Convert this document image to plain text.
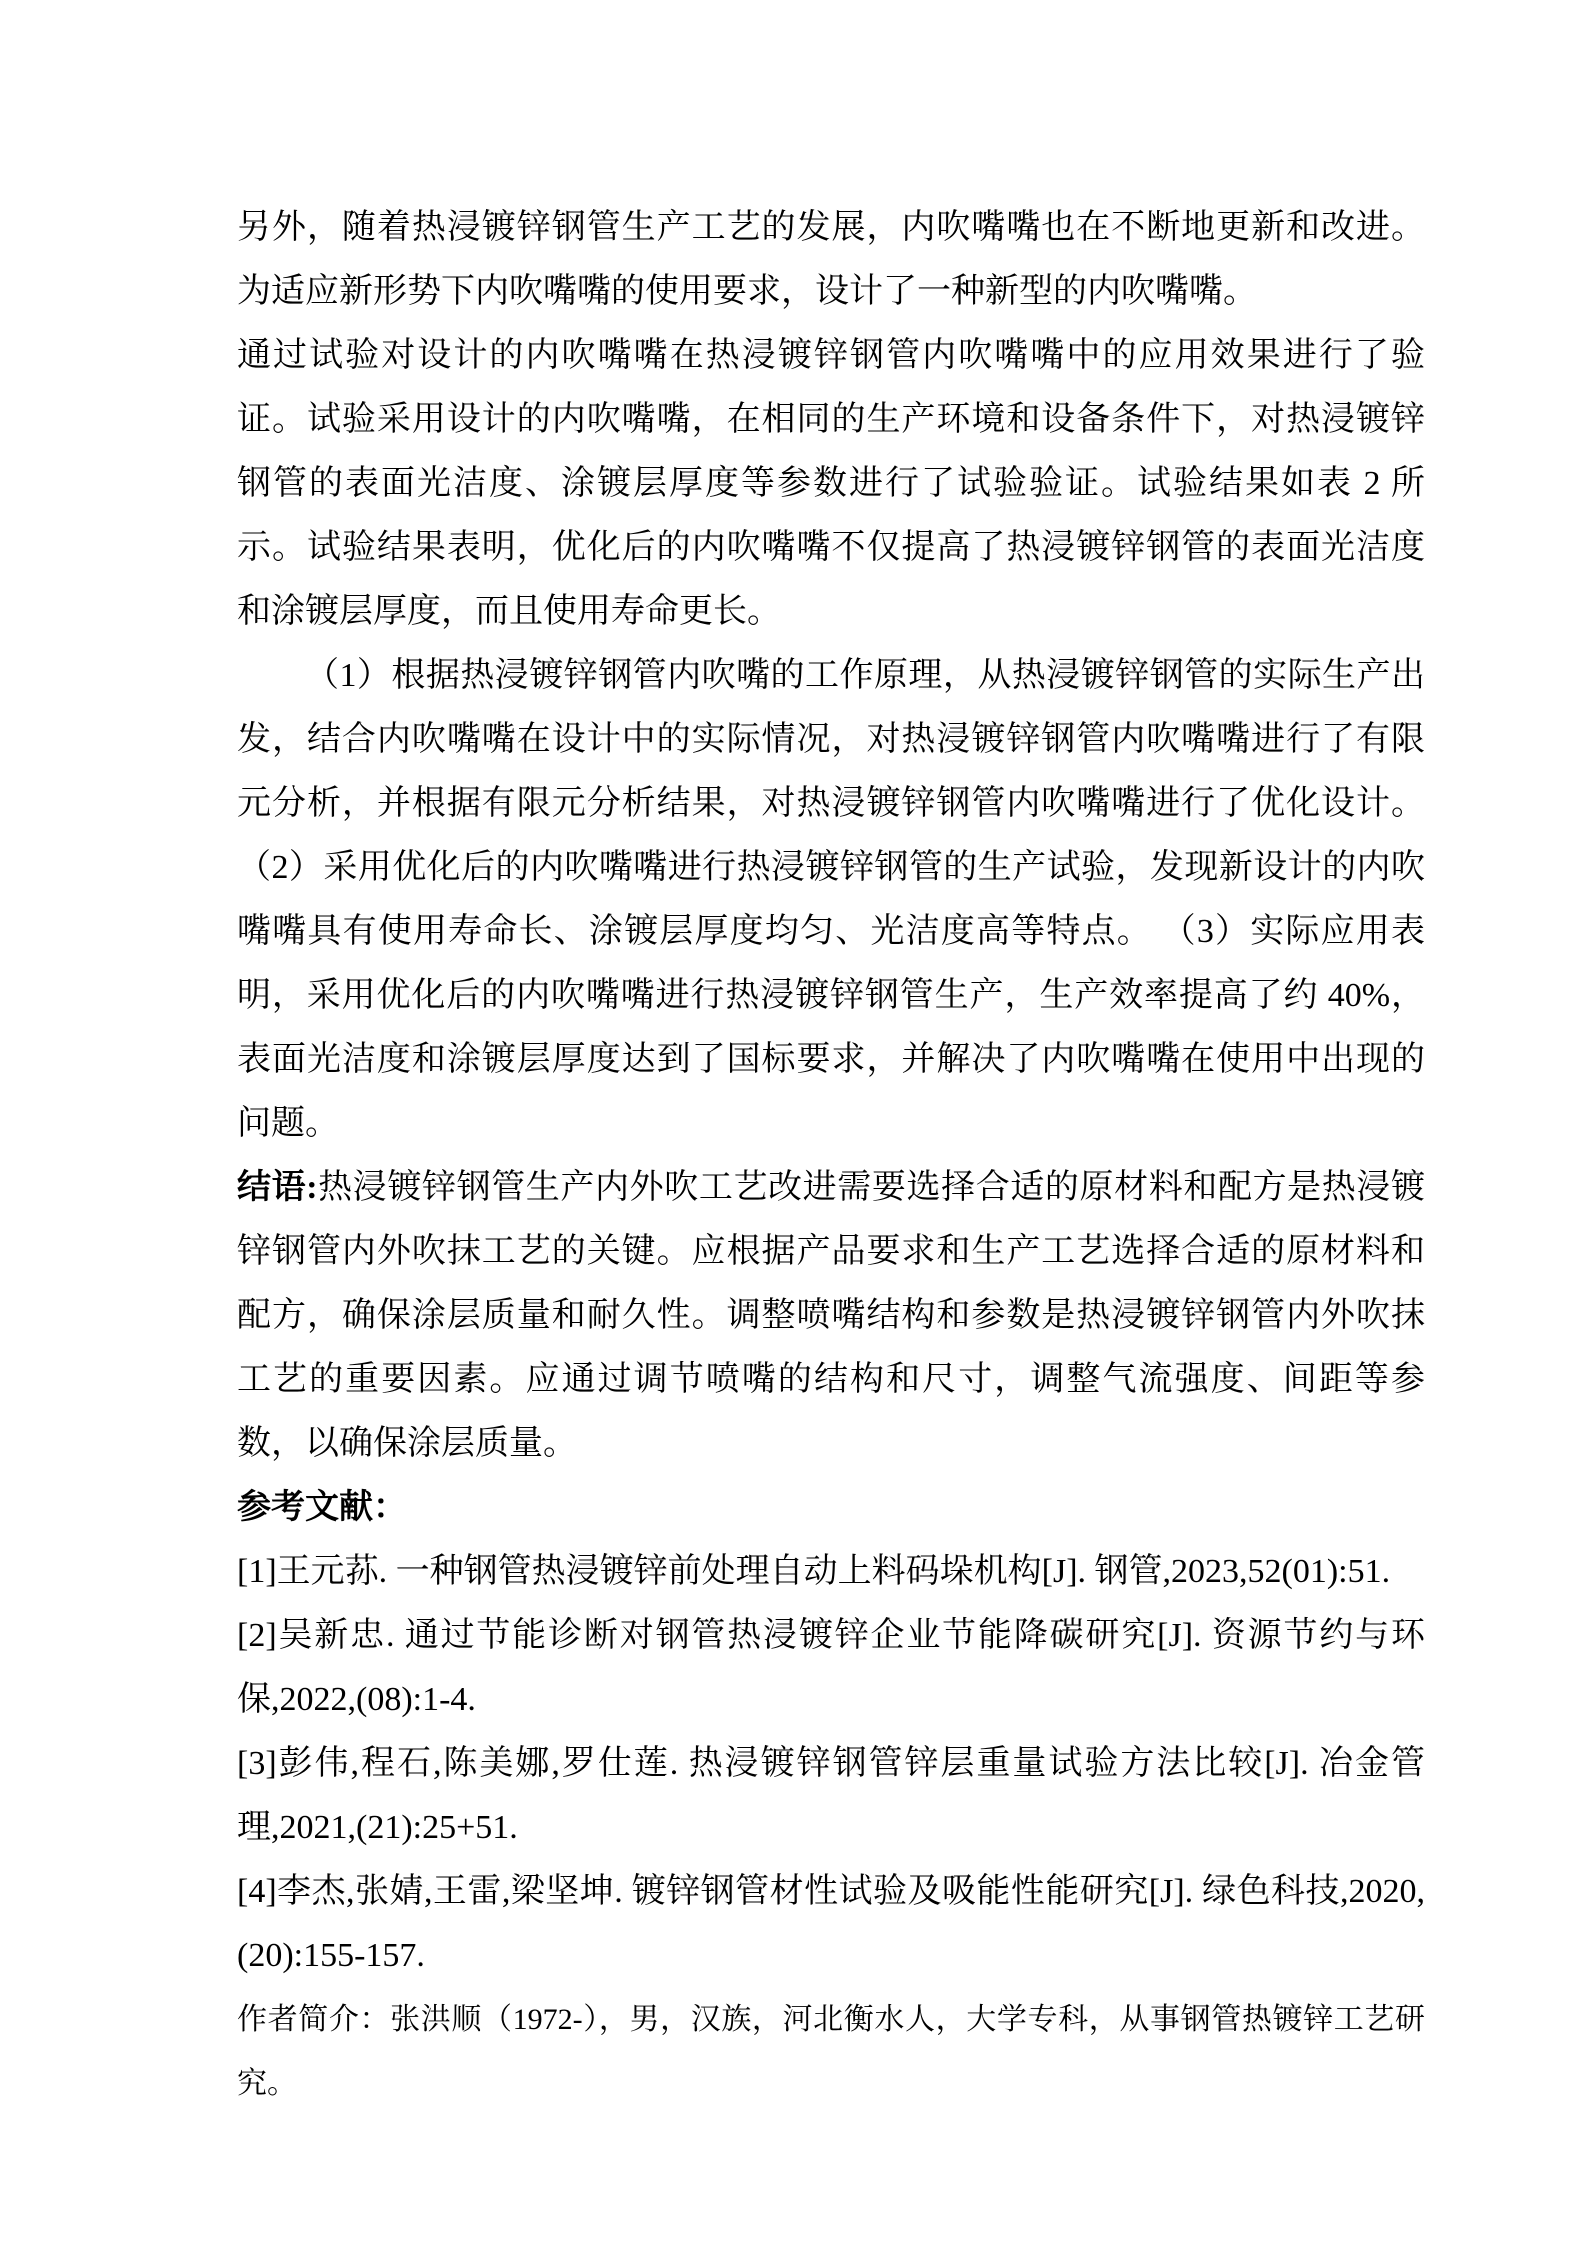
另外，随着热浸镀锌钢管生产工艺的发展，内吹嘴嘴也在不断地更新和改进。为适应新形势下内吹嘴嘴的使用要求，设计了一种新型的内吹嘴嘴。

通过试验对设计的内吹嘴嘴在热浸镀锌钢管内吹嘴嘴中的应用效果进行了验证。试验采用设计的内吹嘴嘴，在相同的生产环境和设备条件下，对热浸镀锌钢管的表面光洁度、涂镀层厚度等参数进行了试验验证。试验结果如表 2 所示。试验结果表明，优化后的内吹嘴嘴不仅提高了热浸镀锌钢管的表面光洁度和涂镀层厚度，而且使用寿命更长。

（1）根据热浸镀锌钢管内吹嘴的工作原理，从热浸镀锌钢管的实际生产出发，结合内吹嘴嘴在设计中的实际情况，对热浸镀锌钢管内吹嘴嘴进行了有限元分析，并根据有限元分析结果，对热浸镀锌钢管内吹嘴嘴进行了优化设计。（2）采用优化后的内吹嘴嘴进行热浸镀锌钢管的生产试验，发现新设计的内吹嘴嘴具有使用寿命长、涂镀层厚度均匀、光洁度高等特点。 （3）实际应用表明，采用优化后的内吹嘴嘴进行热浸镀锌钢管生产，生产效率提高了约 40%，表面光洁度和涂镀层厚度达到了国标要求，并解决了内吹嘴嘴在使用中出现的问题。

结语:热浸镀锌钢管生产内外吹工艺改进需要选择合适的原材料和配方是热浸镀锌钢管内外吹抹工艺的关键。应根据产品要求和生产工艺选择合适的原材料和配方，确保涂层质量和耐久性。调整喷嘴结构和参数是热浸镀锌钢管内外吹抹工艺的重要因素。应通过调节喷嘴的结构和尺寸，调整气流强度、间距等参数，以确保涂层质量。

参考文献：

[1]王元荪. 一种钢管热浸镀锌前处理自动上料码垛机构[J]. 钢管,2023,52(01):51.

[2]吴新忠. 通过节能诊断对钢管热浸镀锌企业节能降碳研究[J]. 资源节约与环保,2022,(08):1-4.

[3]彭伟,程石,陈美娜,罗仕莲. 热浸镀锌钢管锌层重量试验方法比较[J]. 冶金管理,2021,(21):25+51.

[4]李杰,张婧,王雷,梁坚坤. 镀锌钢管材性试验及吸能性能研究[J]. 绿色科技,2020,(20):155-157.

作者简介：张洪顺（1972-），男，汉族，河北衡水人，大学专科，从事钢管热镀锌工艺研究。
